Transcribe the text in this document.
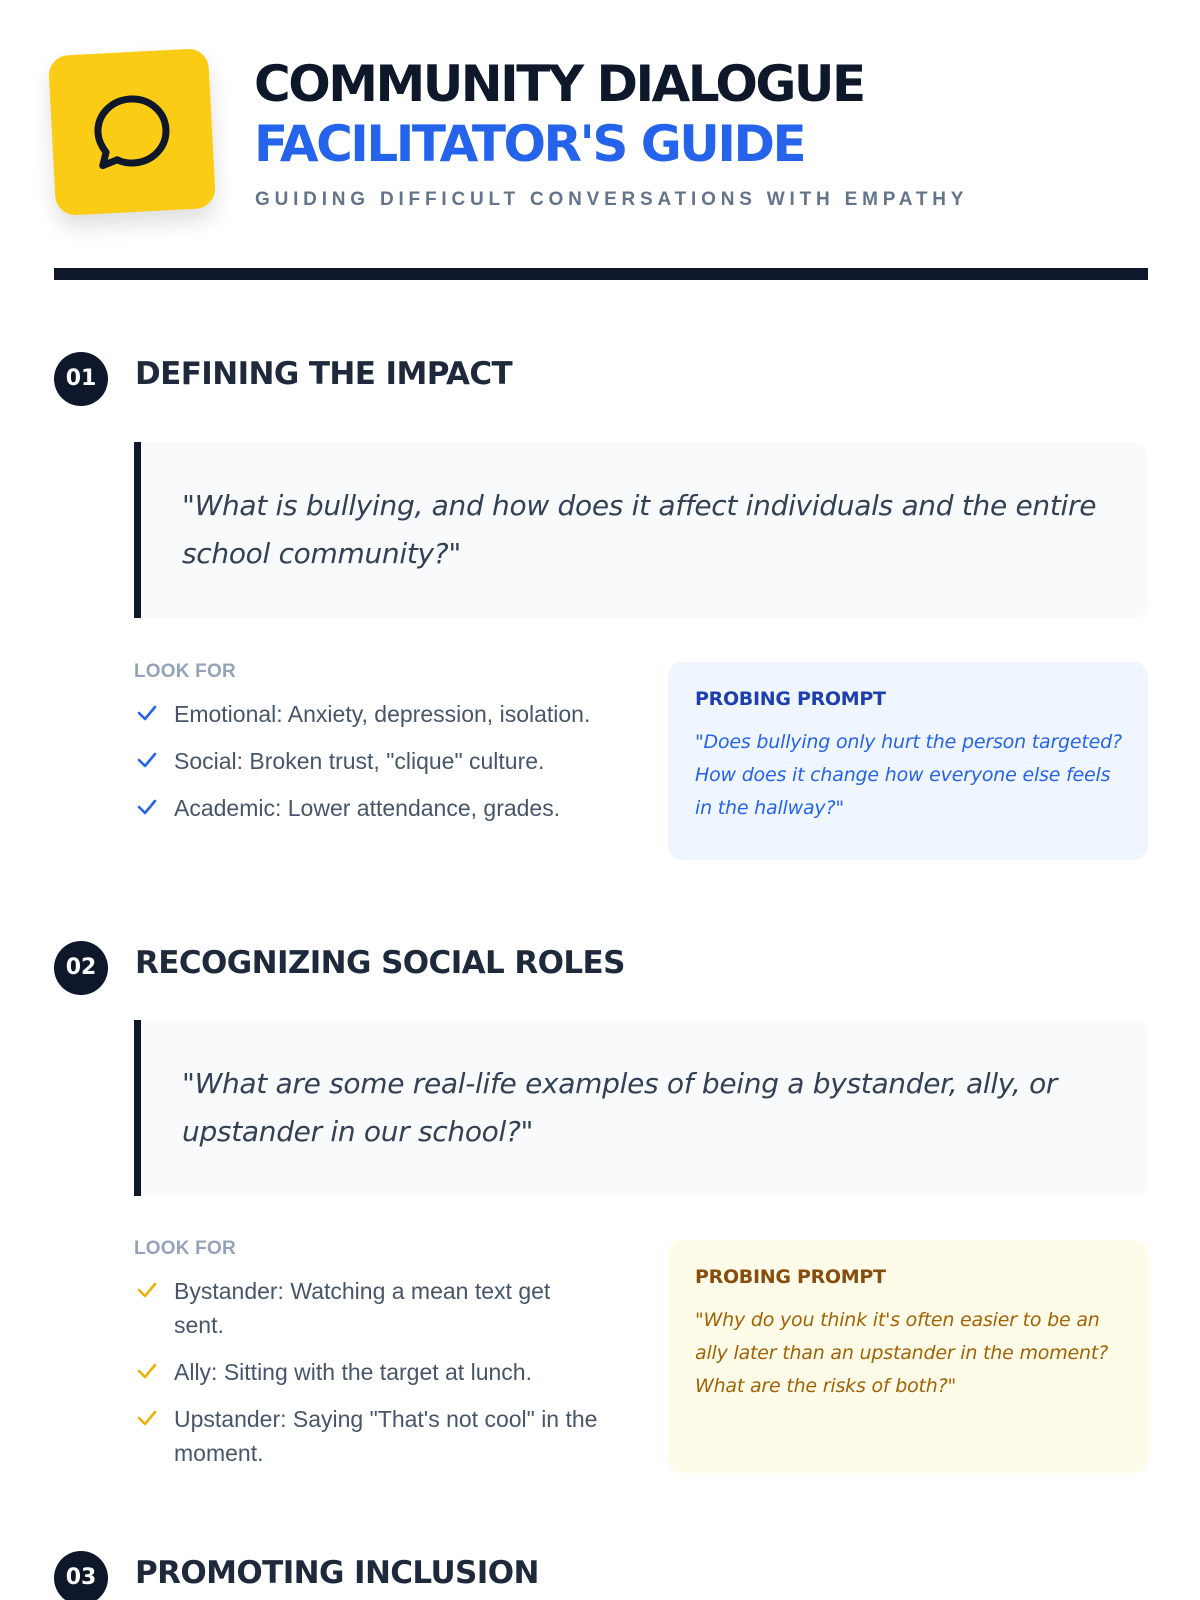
COMMUNITY DIALOGUE
FACILITATOR'S GUIDE
GUIDING DIFFICULT CONVERSATIONS WITH EMPATHY
01	DEFINING THE IMPACT
"What is bullying, and how does it affect individuals and the entire school community?"
LOOK FOR
Emotional: Anxiety, depression, isolation.
Social: Broken trust, "clique" culture.
Academic: Lower attendance, grades.
PROBING PROMPT
"Does bullying only hurt the person targeted? How does it change how everyone else feels in the hallway?"
02	RECOGNIZING SOCIAL ROLES
"What are some real-life examples of being a bystander, ally, or upstander in our school?"
LOOK FOR
Bystander: Watching a mean text get sent.
Ally: Sitting with the target at lunch.
Upstander: Saying "That's not cool" in the moment.
PROBING PROMPT
"Why do you think it's often easier to be an ally later than an upstander in the moment? What are the risks of both?"
03	PROMOTING INCLUSION
